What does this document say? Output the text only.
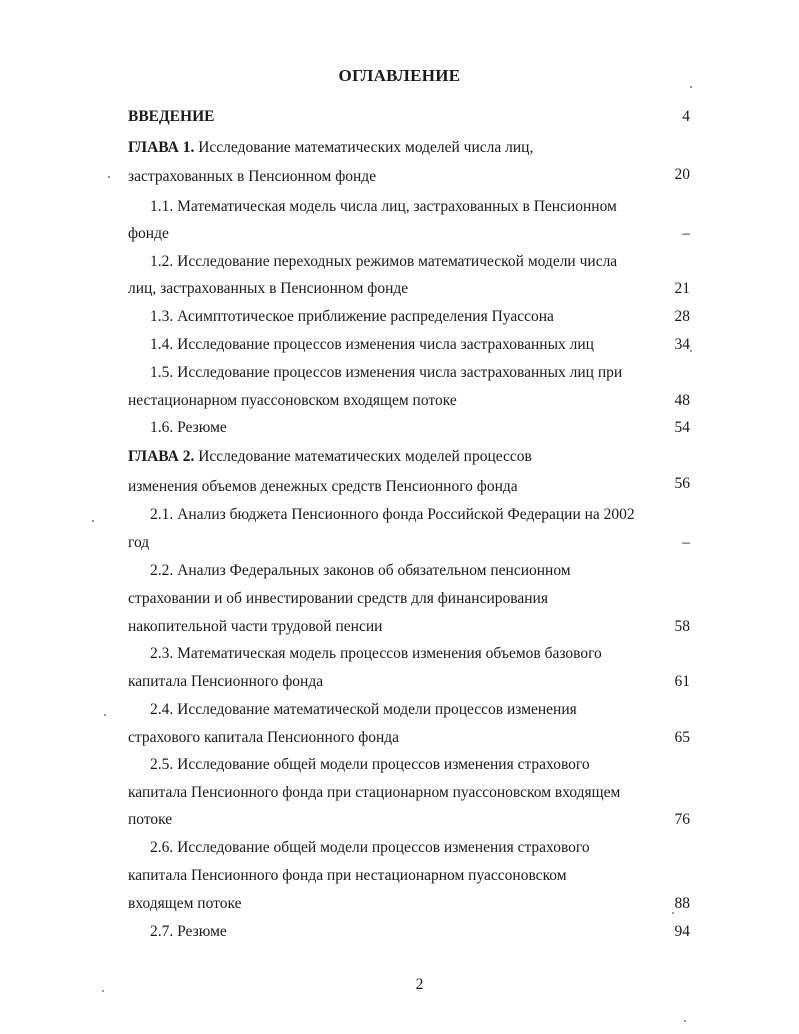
ОГЛАВЛЕНИЕ
ВВЕДЕНИЕ	4
ГЛАВА 1. Исследование математических моделей числа лиц,
застрахованных в Пенсионном фонде	20
1.1. Математическая модель числа лиц, застрахованных в Пенсионном
фонде	–
1.2. Исследование переходных режимов математической модели числа
лиц, застрахованных в Пенсионном фонде	21
1.3. Асимптотическое приближение распределения Пуассона	28
1.4. Исследование процессов изменения числа застрахованных лиц	34
1.5. Исследование процессов изменения числа застрахованных лиц при
нестационарном пуассоновском входящем потоке	48
1.6. Резюме	54
ГЛАВА 2. Исследование математических моделей процессов
изменения объемов денежных средств Пенсионного фонда	56
2.1. Анализ бюджета Пенсионного фонда Российской Федерации на 2002
год	–
2.2. Анализ Федеральных законов об обязательном пенсионном
страховании и об инвестировании средств для финансирования
накопительной части трудовой пенсии	58
2.3. Математическая модель процессов изменения объемов базового
капитала Пенсионного фонда	61
2.4. Исследование математической модели процессов изменения
страхового капитала Пенсионного фонда	65
2.5. Исследование общей модели процессов изменения страхового
капитала Пенсионного фонда при стационарном пуассоновском входящем
потоке	76
2.6. Исследование общей модели процессов изменения страхового
капитала Пенсионного фонда при нестационарном пуассоновском
входящем потоке	88
2.7. Резюме	94
2
